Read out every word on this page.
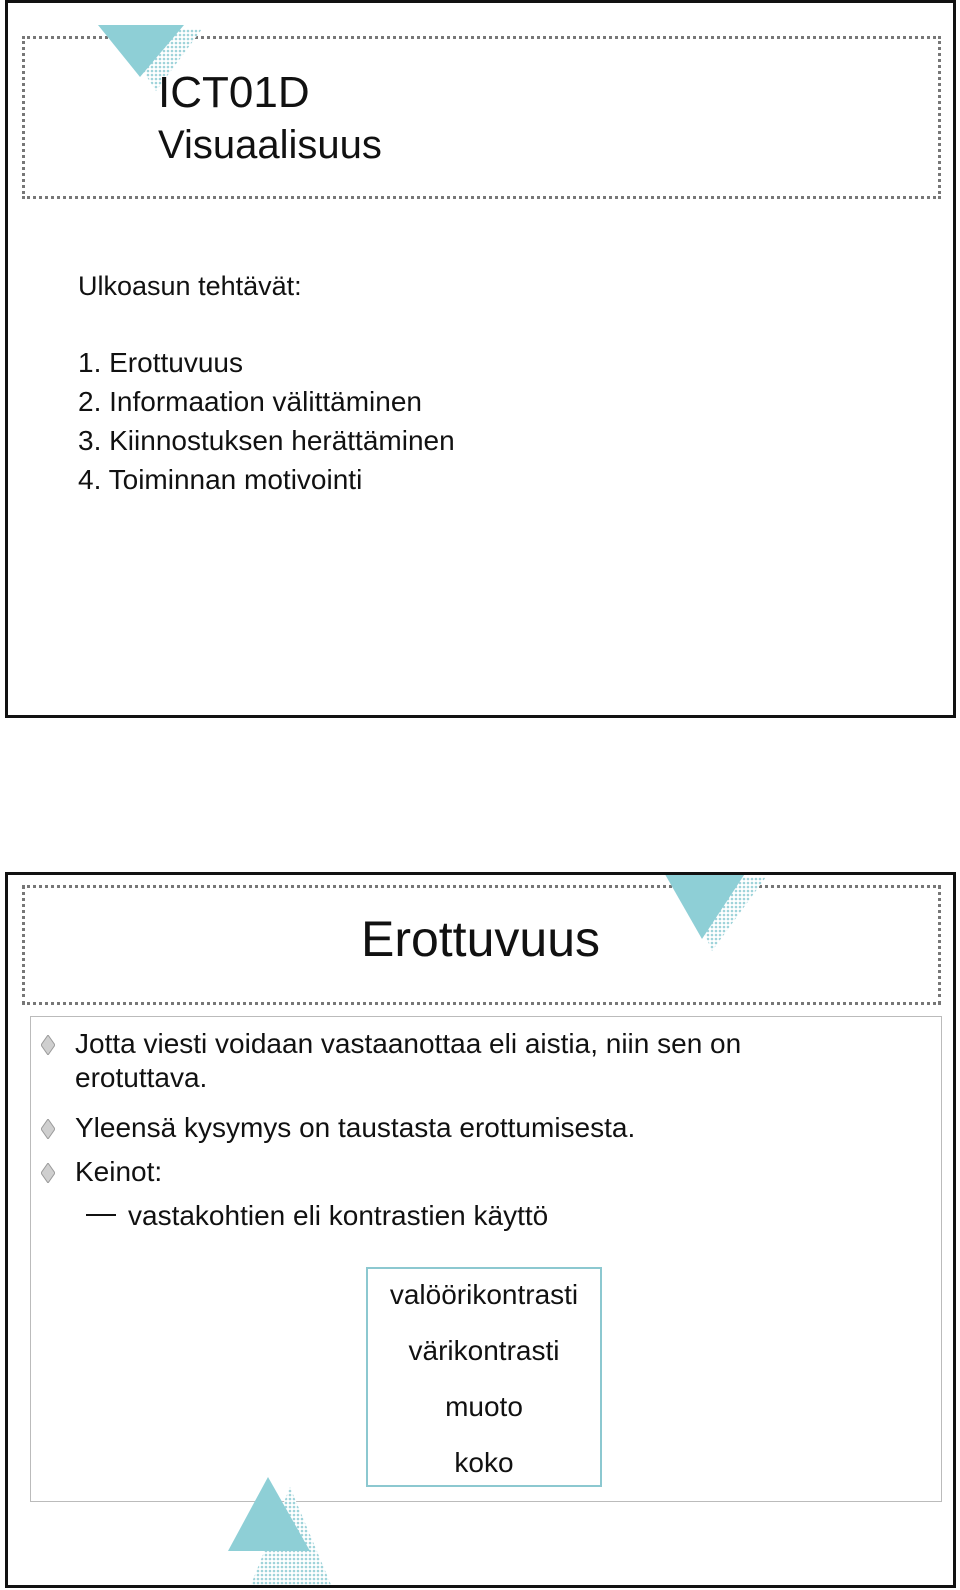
ICT01D
Visuaalisuus

Ulkoasun tehtävät:

1. Erottuvuus
2. Informaation välittäminen
3. Kiinnostuksen herättäminen
4. Toiminnan motivointi
Erottuvuus
Jotta viesti voidaan vastaanottaa eli aistia, niin sen on
erotuttava.
Yleensä kysymys on taustasta erottumisesta.
Keinot:
vastakohtien eli kontrastien käyttö
valöörikontrasti
värikontrasti
muoto
koko
